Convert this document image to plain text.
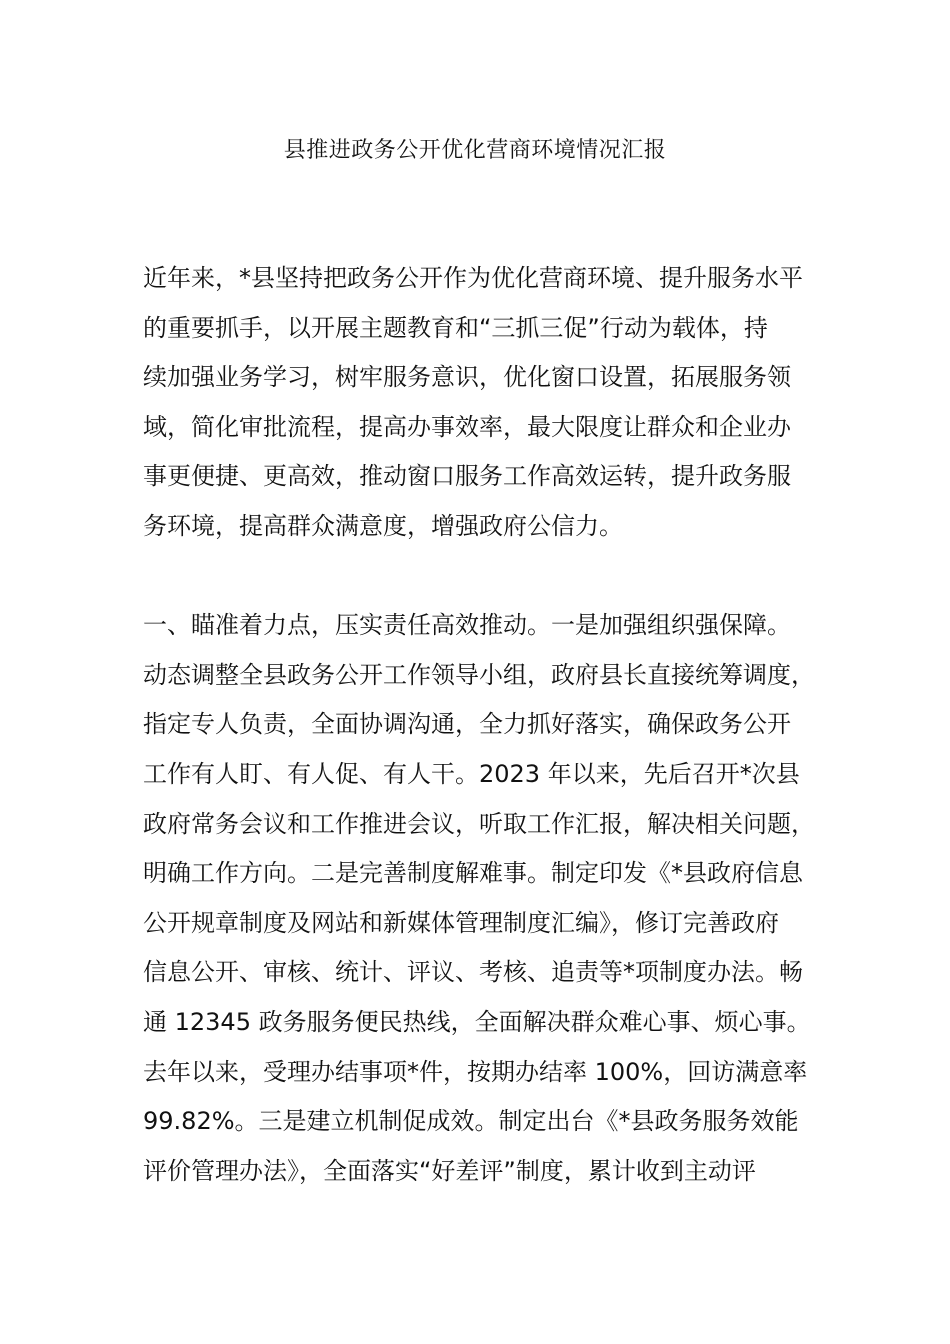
县推进政务公开优化营商环境情况汇报
近年来，*县坚持把政务公开作为优化营商环境、提升服务水平
的重要抓手，以开展主题教育和“三抓三促”行动为载体，持
续加强业务学习，树牢服务意识，优化窗口设置，拓展服务领
域，简化审批流程，提高办事效率，最大限度让群众和企业办
事更便捷、更高效，推动窗口服务工作高效运转，提升政务服
务环境，提高群众满意度，增强政府公信力。
一、瞄准着力点，压实责任高效推动。一是加强组织强保障。
动态调整全县政务公开工作领导小组，政府县长直接统筹调度，
指定专人负责，全面协调沟通，全力抓好落实，确保政务公开
工作有人盯、有人促、有人干。2023 年以来，先后召开*次县
政府常务会议和工作推进会议，听取工作汇报，解决相关问题，
明确工作方向。二是完善制度解难事。制定印发《*县政府信息
公开规章制度及网站和新媒体管理制度汇编》，修订完善政府
信息公开、审核、统计、评议、考核、追责等*项制度办法。畅
通 12345 政务服务便民热线，全面解决群众难心事、烦心事。
去年以来，受理办结事项*件，按期办结率 100%，回访满意率
99.82%。三是建立机制促成效。制定出台《*县政务服务效能
评价管理办法》，全面落实“好差评”制度，累计收到主动评
